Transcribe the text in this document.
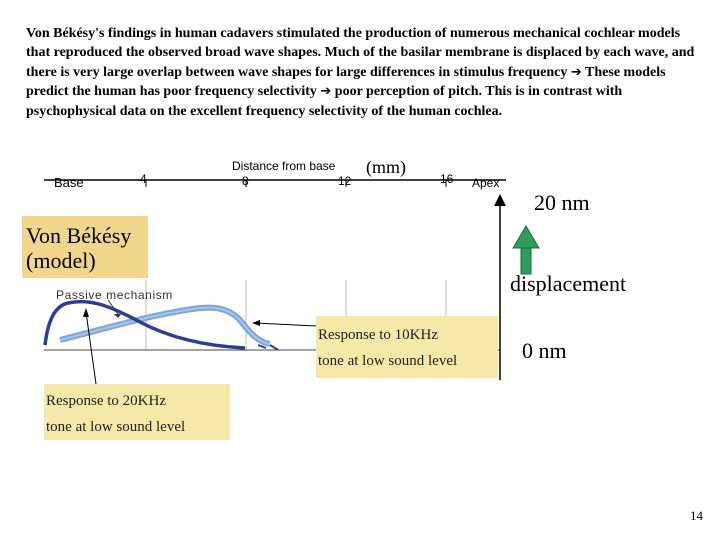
Von Békésy's findings in human cadavers stimulated the production of numerous mechanical cochlear models that reproduced the observed broad wave shapes. Much of the basilar membrane is displaced by each wave, and there is very large overlap between wave shapes for large differences in stimulus frequency ➔ These models predict the human has poor frequency selectivity ➔ poor perception of pitch. This is in contrast with psychophysical data on the excellent frequency selectivity of the human cochlea.
Base	4	8	12	16
Distance from base (mm)
Apex
Von Békésy
(model)
Passive mechanism
20 nm
displacement
0 nm
Response to 10KHz
tone at low sound level
Response to 20KHz
tone at low sound level
14
